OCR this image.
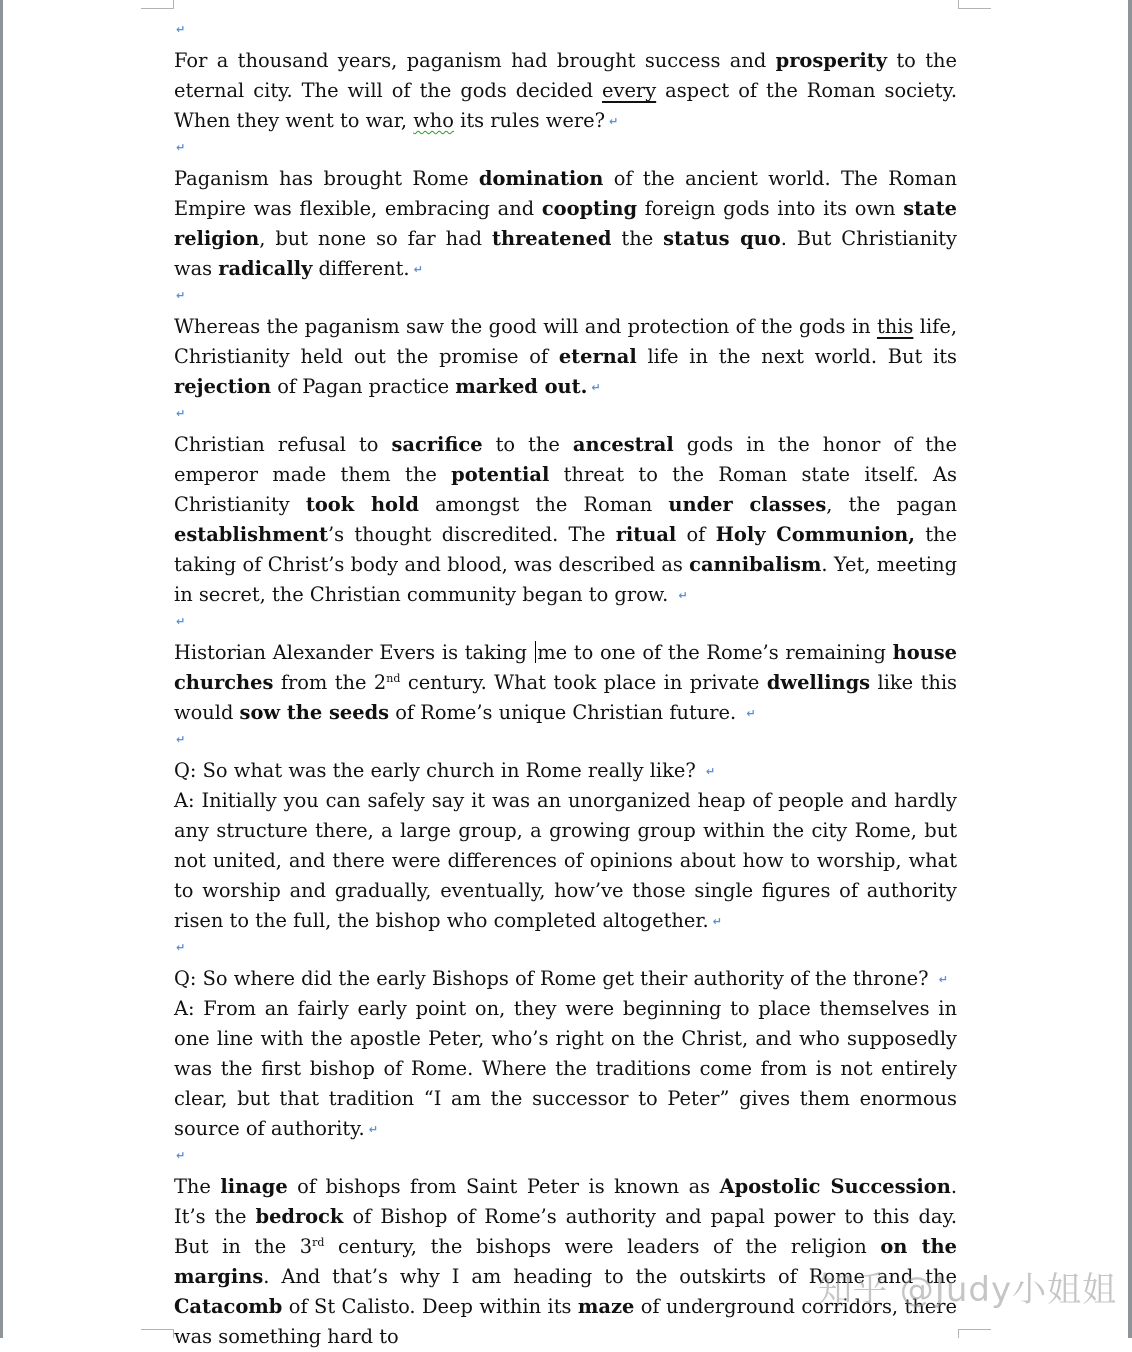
↵

For a thousand years, paganism had brought success and prosperity to the eternal city. The will of the gods decided every aspect of the Roman society. When they went to war, who its rules were? ↵

↵

Paganism has brought Rome domination of the ancient world. The Roman Empire was flexible, embracing and coopting foreign gods into its own state religion, but none so far had threatened the status quo. But Christianity was radically different. ↵

↵

Whereas the paganism saw the good will and protection of the gods in this life, Christianity held out the promise of eternal life in the next world. But its rejection of Pagan practice marked out. ↵

↵

Christian refusal to sacrifice to the ancestral gods in the honor of the emperor made them the potential threat to the Roman state itself. As Christianity took hold amongst the Roman under classes, the pagan establishment’s thought discredited. The ritual of Holy Communion, the taking of Christ’s body and blood, was described as cannibalism. Yet, meeting in secret, the Christian community began to grow. ↵

↵

Historian Alexander Evers is taking me to one of the Rome’s remaining house churches from the 2nd century. What took place in private dwellings like this would sow the seeds of Rome’s unique Christian future. ↵

↵

Q: So what was the early church in Rome really like? ↵

A: Initially you can safely say it was an unorganized heap of people and hardly any structure there, a large group, a growing group within the city Rome, but not united, and there were differences of opinions about how to worship, what to worship and gradually, eventually, how’ve those single figures of authority risen to the full, the bishop who completed altogether. ↵

↵

Q: So where did the early Bishops of Rome get their authority of the throne? ↵

A: From an fairly early point on, they were beginning to place themselves in one line with the apostle Peter, who’s right on the Christ, and who supposedly was the first bishop of Rome. Where the traditions come from is not entirely clear, but that tradition “I am the successor to Peter” gives them enormous source of authority. ↵

↵

The linage of bishops from Saint Peter is known as Apostolic Succession. It’s the bedrock of Bishop of Rome’s authority and papal power to this day. But in the 3rd century, the bishops were leaders of the religion on the margins. And that’s why I am heading to the outskirts of Rome and the Catacomb of St Calisto. Deep within its maze of underground corridors, there was something hard to

知乎 @Judy小姐姐
